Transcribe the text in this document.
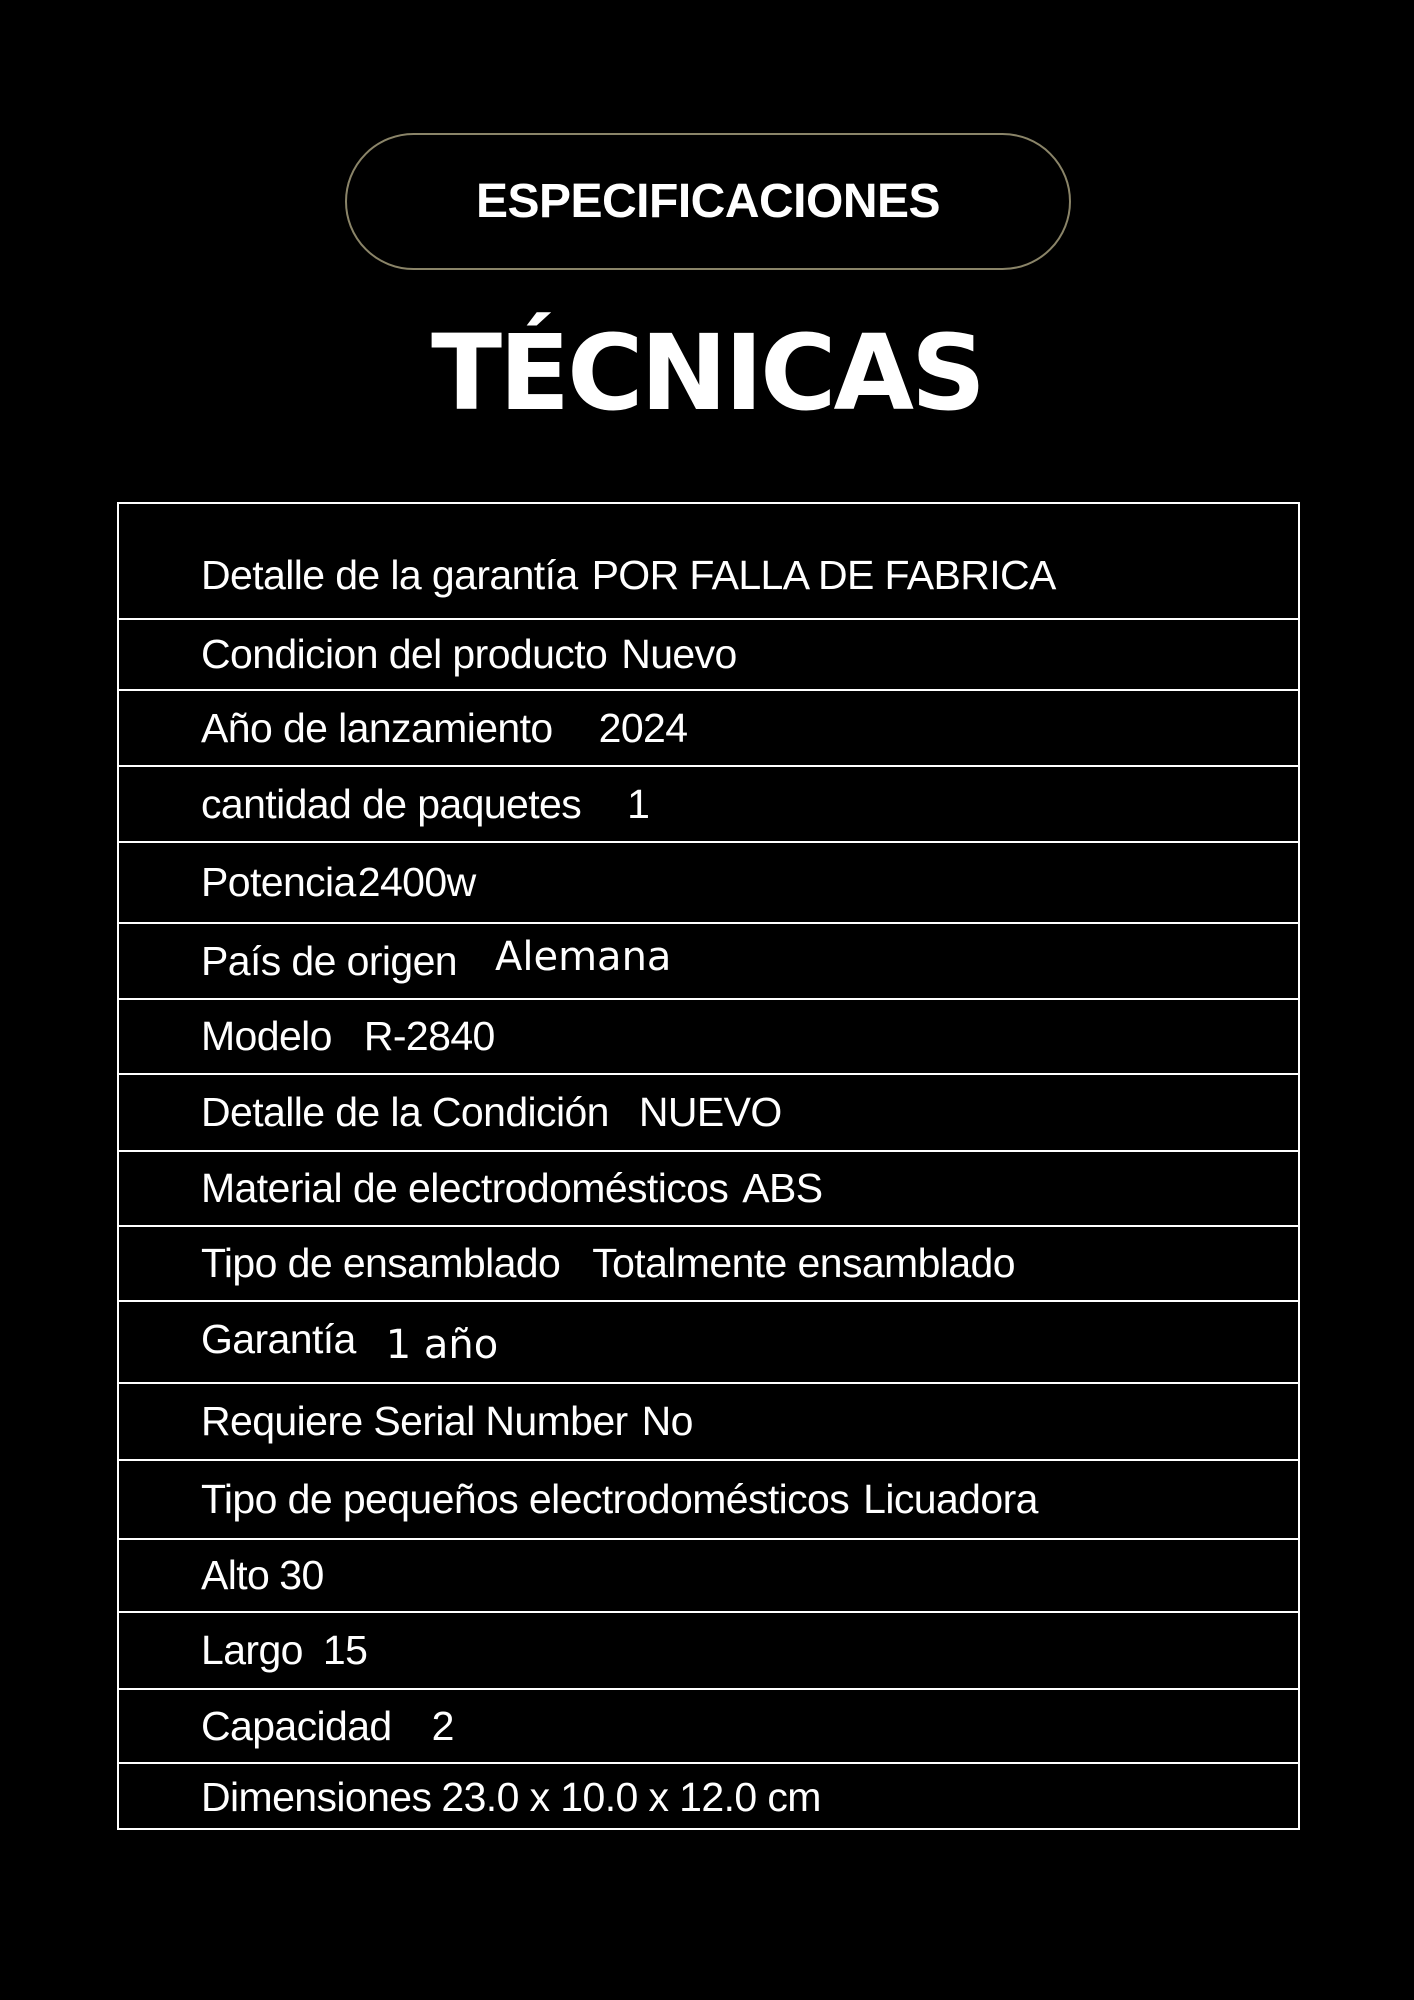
ESPECIFICACIONES
TÉCNICAS
Detalle de la garantía POR FALLA DE FABRICA
Condicion del producto Nuevo
Año de lanzamiento 2024
cantidad de paquetes 1
Potencia 2400w
País de origen Alemana
Modelo R-2840
Detalle de la Condición NUEVO
Material de electrodomésticos ABS
Tipo de ensamblado Totalmente ensamblado
Garantía 1 año
Requiere Serial Number No
Tipo de pequeños electrodomésticos Licuadora
Alto 30
Largo 15
Capacidad 2
Dimensiones 23.0 x 10.0 x 12.0 cm
